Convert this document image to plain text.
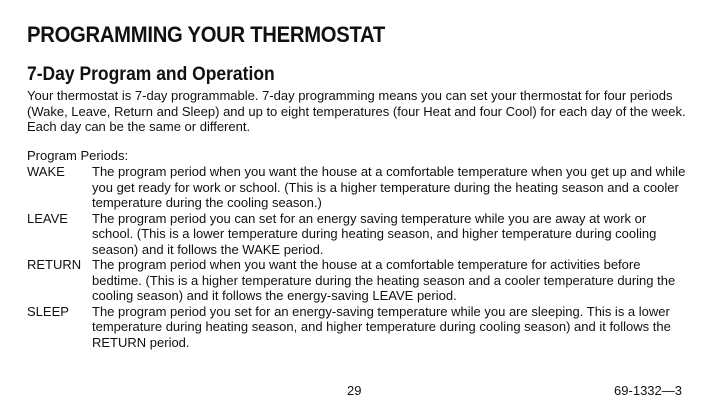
PROGRAMMING YOUR THERMOSTAT
7-Day Program and Operation

Your thermostat is 7-day programmable. 7-day programming means you can set your thermostat for four periods (Wake, Leave, Return and Sleep) and up to eight temperatures (four Heat and four Cool) for each day of the week. Each day can be the same or different.

Program Periods:

WAKE	The program period when you want the house at a comfortable temperature when you get up and while you get ready for work or school. (This is a higher temperature during the heating season and a cooler temperature during the cooling season.)
LEAVE	The program period you can set for an energy saving temperature while you are away at work or school. (This is a lower temperature during heating season, and higher temperature during cooling season) and it follows the WAKE period.
RETURN The program period when you want the house at a comfortable temperature for activities before bedtime. (This is a higher temperature during the heating season and a cooler temperature during the cooling season) and it follows the energy-saving LEAVE period.
SLEEP	The program period you set for an energy-saving temperature while you are sleeping. This is a lower temperature during heating season, and higher temperature during cooling season) and it follows the RETURN period.
29	69-1332—3
